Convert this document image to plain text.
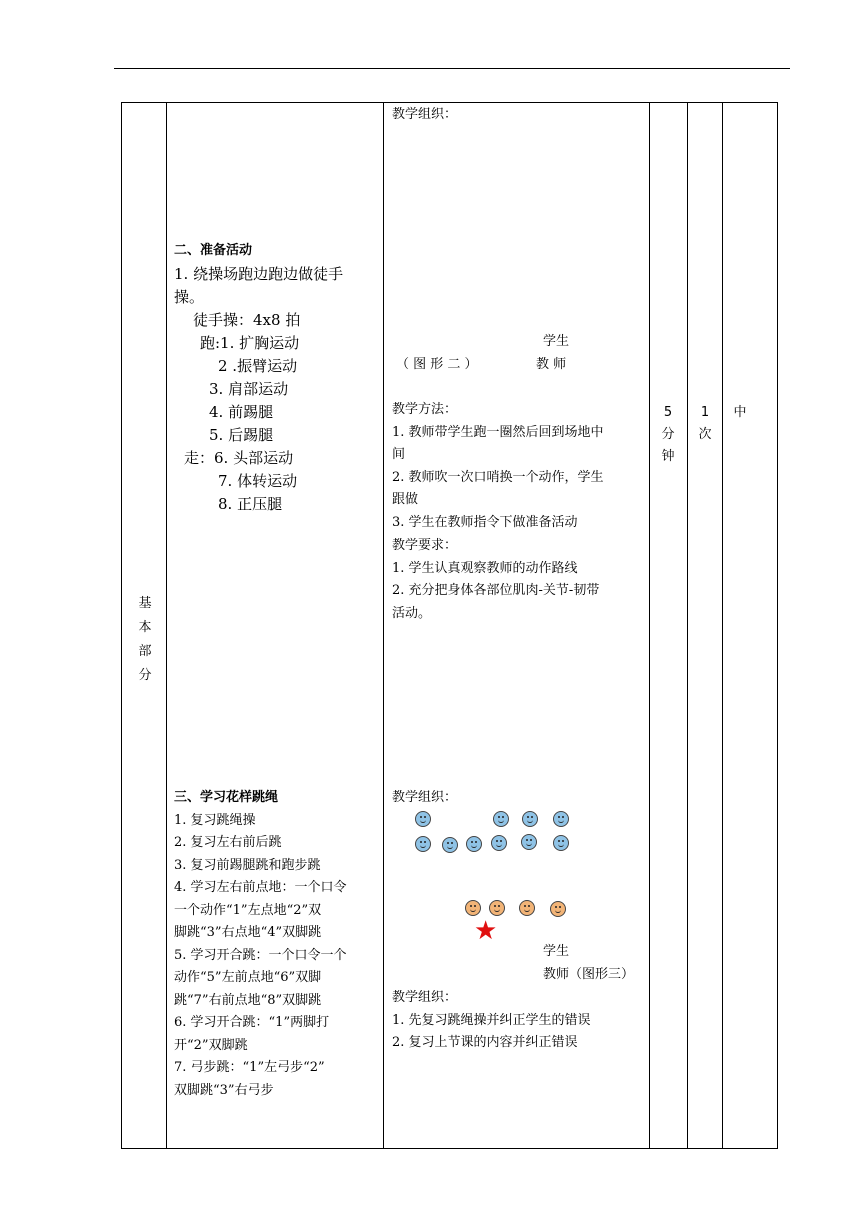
基
本
部
分
二、准备活动
1. 绕操场跑边跑边做徒手
操。
徒手操：4x8 拍
跑:1. 扩胸运动
2 .振臂运动
3. 肩部运动
4. 前踢腿
5. 后踢腿
走：6. 头部运动
7. 体转运动
8. 正压腿
三、学习花样跳绳
1. 复习跳绳操
2. 复习左右前后跳
3. 复习前踢腿跳和跑步跳
4. 学习左右前点地：一个口令
一个动作“1”左点地“2”双
脚跳“3”右点地“4”双脚跳
5. 学习开合跳：一个口令一个
动作“5”左前点地“6”双脚
跳“7”右前点地“8”双脚跳
6. 学习开合跳：“1”两脚打
开“2”双脚跳
7. 弓步跳：“1”左弓步“2”
双脚跳“3”右弓步
教学组织：
学生
（ 图 形 二 ）	教 师
教学方法：
1. 教师带学生跑一圈然后回到场地中
间
2. 教师吹一次口哨换一个动作，学生
跟做
3. 学生在教师指令下做准备活动
教学要求：
1. 学生认真观察教师的动作路线
2. 充分把身体各部位肌肉-关节-韧带
活动。
教学组织：
★
学生
教师（图形三）
教学组织：
1. 先复习跳绳操并纠正学生的错误
2. 复习上节课的内容并纠正错误
5
分
钟
1
次
中
